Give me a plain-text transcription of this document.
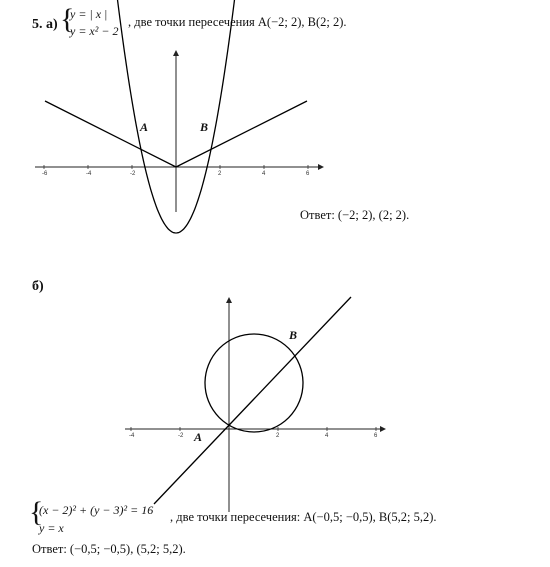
5. а) {
y = | x |
y = x² − 2
, две точки пересечения A(−2; 2), B(2; 2).
-6	-4	-2	2	4	6
A	B
Ответ: (−2; 2), (2; 2).
б)
-4	-2	2	4	6
A
B
{
(x − 2)² + (y − 3)² = 16
y = x
, две точки пересечения: A(−0,5; −0,5), B(5,2; 5,2).
Ответ: (−0,5; −0,5), (5,2; 5,2).
